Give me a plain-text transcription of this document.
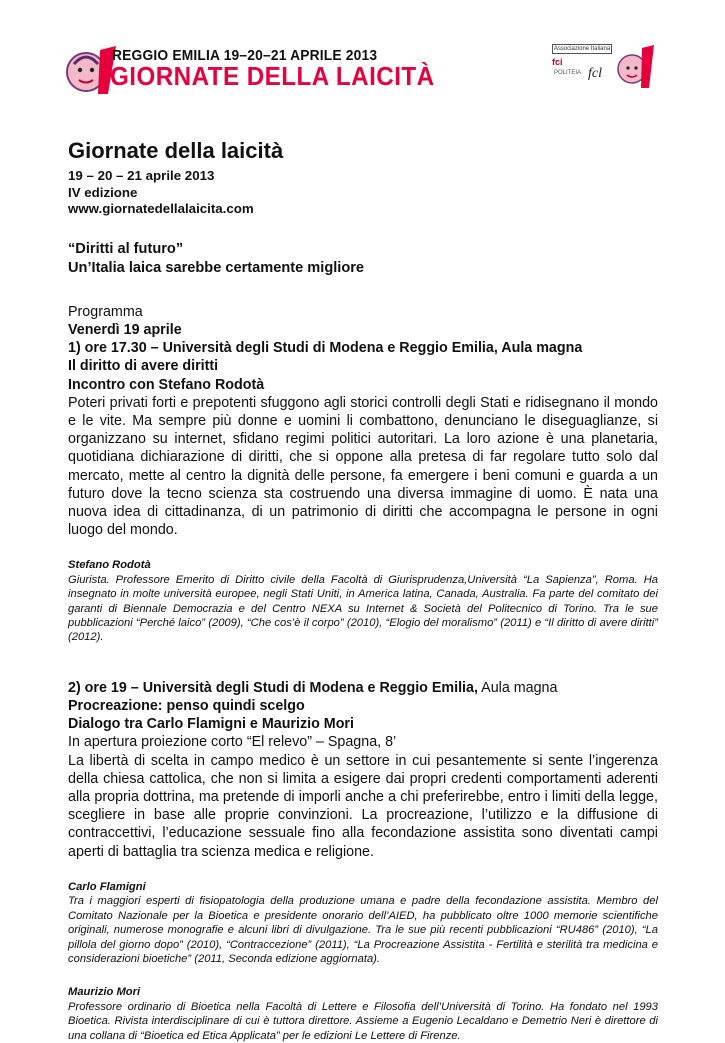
REGGIO EMILIA 19–20–21 APRILE 2013
GIORNATE DELLA LAICITÀ
Associazione Italiana
fci
POLITEIA fcl
Giornate della laicità
19 – 20 – 21 aprile 2013
IV edizione
www.giornatedellalaicita.com
“Diritti al futuro”
Un’Italia laica sarebbe certamente migliore
Programma
Venerdì 19 aprile
1) ore 17.30 – Università degli Studi di Modena e Reggio Emilia, Aula magna
Il diritto di avere diritti
Incontro con Stefano Rodotà
Poteri privati forti e prepotenti sfuggono agli storici controlli degli Stati e ridisegnano il mondo e le vite. Ma sempre più donne e uomini li combattono, denunciano le diseguaglianze, si organizzano su internet, sfidano regimi politici autoritari. La loro azione è una planetaria, quotidiana dichiarazione di diritti, che si oppone alla pretesa di far regolare tutto solo dal mercato, mette al centro la dignità delle persone, fa emergere i beni comuni e guarda a un futuro dove la tecno scienza sta costruendo una diversa immagine di uomo. È nata una nuova idea di cittadinanza, di un patrimonio di diritti che accompagna le persone in ogni luogo del mondo.
Stefano Rodotà
Giurista. Professore Emerito di Diritto civile della Facoltà di Giurisprudenza,Università “La Sapienza”, Roma. Ha insegnato in molte università europee, negli Stati Uniti, in America latina, Canada, Australia. Fa parte del comitato dei garanti di Biennale Democrazia e del Centro NEXA su Internet & Società del Politecnico di Torino. Tra le sue pubblicazioni “Perché laico” (2009), “Che cos’è il corpo” (2010), “Elogio del moralismo” (2011) e “Il diritto di avere diritti” (2012).
2) ore 19 – Università degli Studi di Modena e Reggio Emilia, Aula magna
Procreazione: penso quindi scelgo
Dialogo tra Carlo Flamigni e Maurizio Mori
In apertura proiezione corto “El relevo” – Spagna, 8’
La libertà di scelta in campo medico è un settore in cui pesantemente si sente l’ingerenza della chiesa cattolica, che non si limita a esigere dai propri credenti comportamenti aderenti alla propria dottrina, ma pretende di imporli anche a chi preferirebbe, entro i limiti della legge, scegliere in base alle proprie convinzioni. La procreazione, l’utilizzo e la diffusione di contraccettivi, l’educazione sessuale fino alla fecondazione assistita sono diventati campi aperti di battaglia tra scienza medica e religione.
Carlo Flamigni
Tra i maggiori esperti di fisiopatologia della produzione umana e padre della fecondazione assistita. Membro del Comitato Nazionale per la Bioetica e presidente onorario dell’AIED, ha pubblicato oltre 1000 memorie scientifiche originali, numerose monografie e alcuni libri di divulgazione. Tra le sue più recenti pubblicazioni “RU486” (2010), “La pillola del giorno dopo” (2010), “Contraccezione” (2011), “La Procreazione Assistita - Fertilità e sterilità tra medicina e considerazioni bioetiche” (2011, Seconda edizione aggiornata).
Maurizio Mori
Professore ordinario di Bioetica nella Facoltà di Lettere e Filosofia dell’Università di Torino. Ha fondato nel 1993 Bioetica. Rivista interdisciplinare di cui è tuttora direttore. Assieme a Eugenio Lecaldano e Demetrio Neri è direttore di una collana di “Bioetica ed Etica Applicata” per le edizioni Le Lettere di Firenze.
